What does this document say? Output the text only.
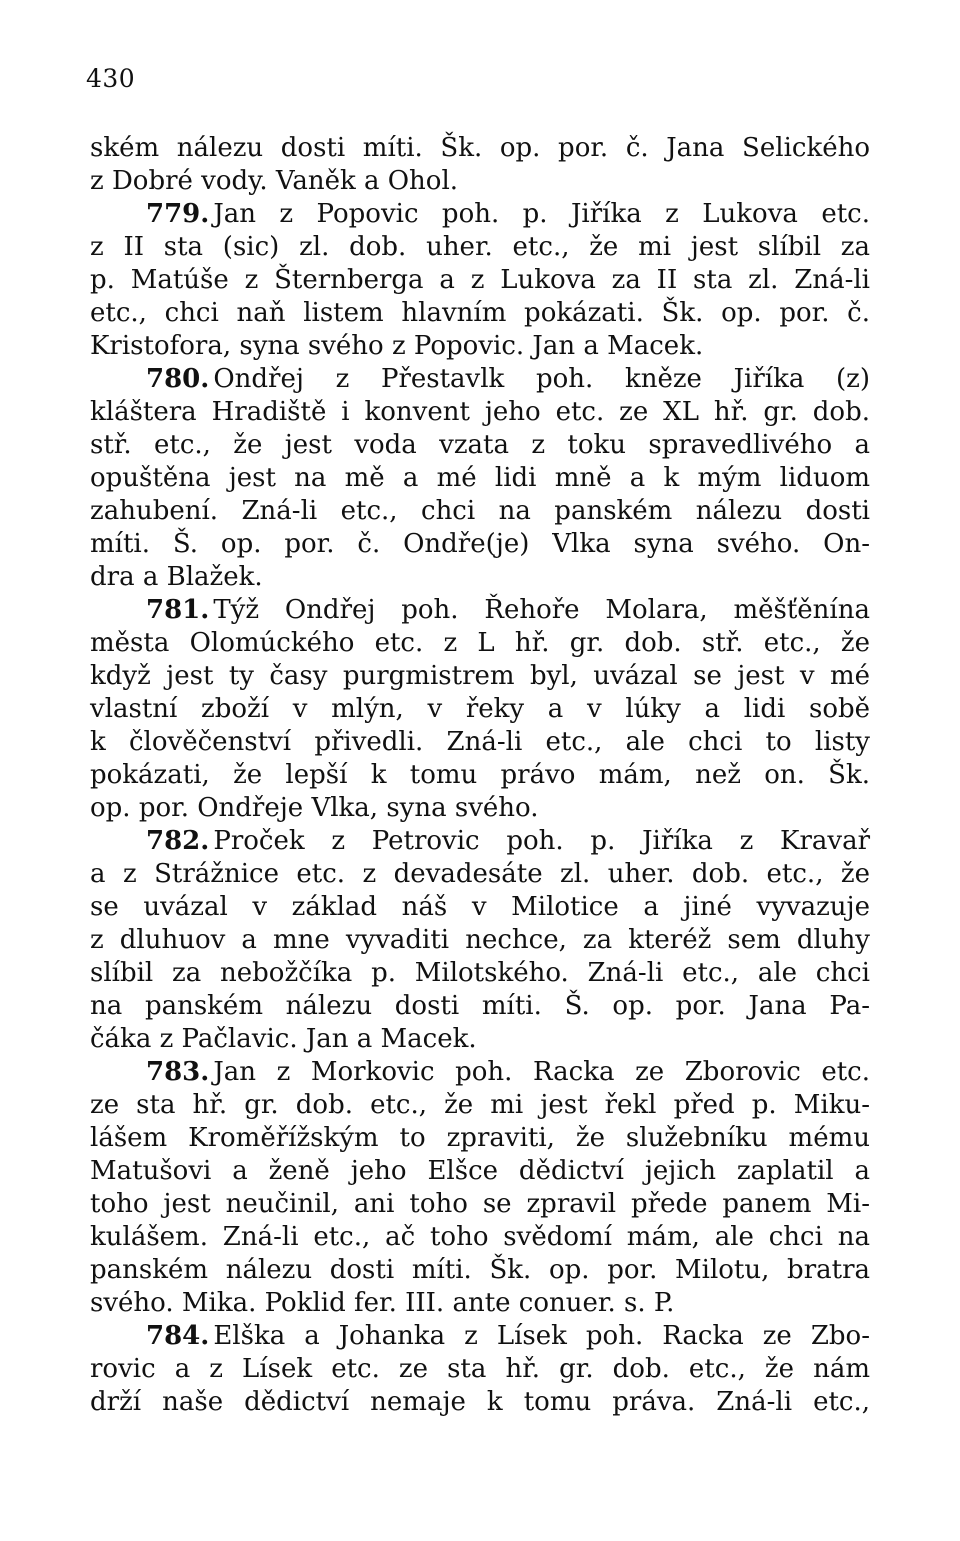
430
ském nálezu dosti míti. Šk. op. por. č. Jana Selického
z Dobré vody. Vaněk a Ohol.
779. Jan z Popovic poh. p. Jiříka z Lukova etc.
z II sta (sic) zl. dob. uher. etc., že mi jest slíbil za
p. Matúše z Šternberga a z Lukova za II sta zl. Zná-li
etc., chci naň listem hlavním pokázati. Šk. op. por. č.
Kristofora, syna svého z Popovic. Jan a Macek.
780. Ondřej z Přestavlk poh. kněze Jiříka (z)
kláštera Hradiště i konvent jeho etc. ze XL hř. gr. dob.
stř. etc., že jest voda vzata z toku spravedlivého a
opuštěna jest na mě a mé lidi mně a k mým liduom
zahubení. Zná-li etc., chci na panském nálezu dosti
míti. Š. op. por. č. Ondře(je) Vlka syna svého. On-
dra a Blažek.
781. Týž Ondřej poh. Řehoře Molara, měšťěnína
města Olomúckého etc. z L hř. gr. dob. stř. etc., že
když jest ty časy purgmistrem byl, uvázal se jest v mé
vlastní zboží v mlýn, v řeky a v lúky a lidi sobě
k člověčenství přivedli. Zná-li etc., ale chci to listy
pokázati, že lepší k tomu právo mám, než on. Šk.
op. por. Ondřeje Vlka, syna svého.
782. Proček z Petrovic poh. p. Jiříka z Kravař
a z Strážnice etc. z devadesáte zl. uher. dob. etc., že
se uvázal v základ náš v Milotice a jiné vyvazuje
z dluhuov a mne vyvaditi nechce, za kteréž sem dluhy
slíbil za nebožčíka p. Milotského. Zná-li etc., ale chci
na panském nálezu dosti míti. Š. op. por. Jana Pa-
čáka z Pačlavic. Jan a Macek.
783. Jan z Morkovic poh. Racka ze Zborovic etc.
ze sta hř. gr. dob. etc., že mi jest řekl před p. Miku-
lášem Kroměřížským to zpraviti, že služebníku mému
Matušovi a ženě jeho Elšce dědictví jejich zaplatil a
toho jest neučinil, ani toho se zpravil přede panem Mi-
kulášem. Zná-li etc., ač toho svědomí mám, ale chci na
panském nálezu dosti míti. Šk. op. por. Milotu, bratra
svého. Mika. Poklid fer. III. ante conuer. s. P.
784. Elška a Johanka z Lísek poh. Racka ze Zbo-
rovic a z Lísek etc. ze sta hř. gr. dob. etc., že nám
drží naše dědictví nemaje k tomu práva. Zná-li etc.,
